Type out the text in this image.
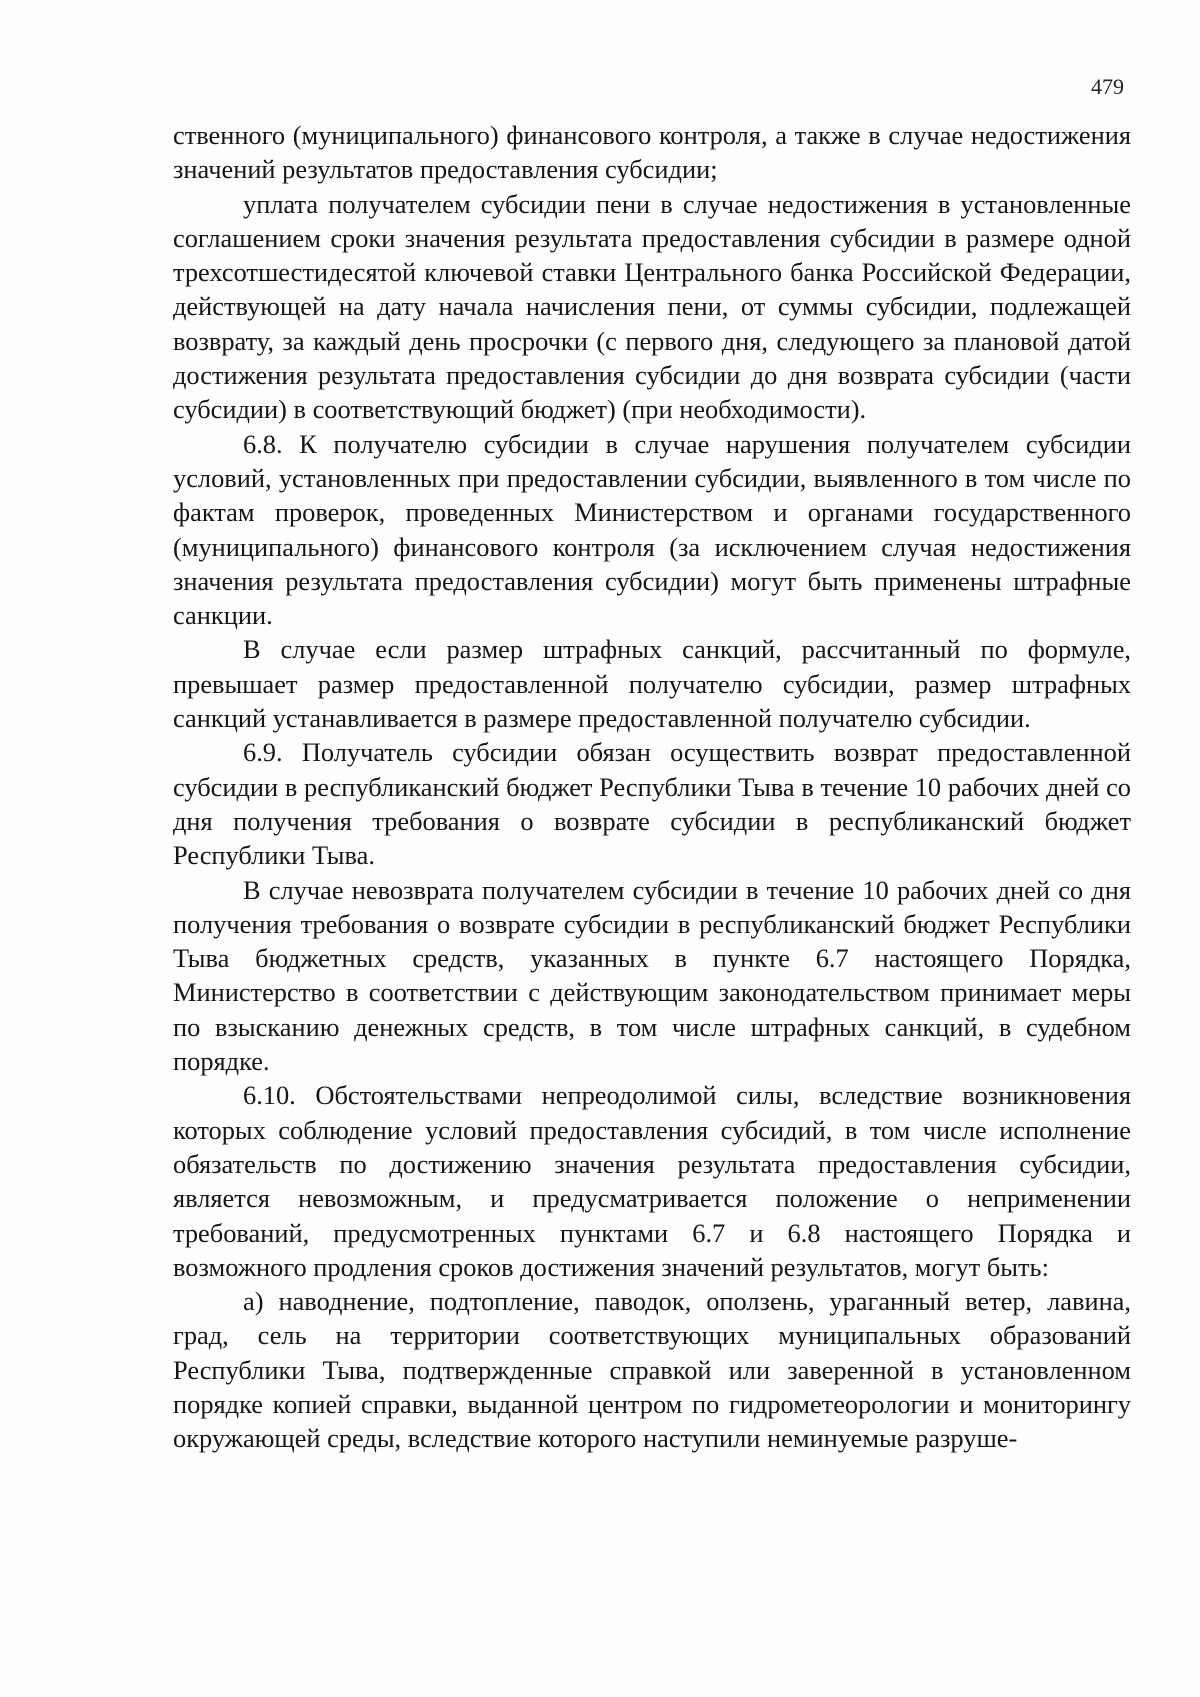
479

ственного (муниципального) финансового контроля, а также в случае недостижения значений результатов предоставления субсидии;

уплата получателем субсидии пени в случае недостижения в установленные соглашением сроки значения результата предоставления субсидии в размере одной трехсотшестидесятой ключевой ставки Центрального банка Российской Федерации, действующей на дату начала начисления пени, от суммы субсидии, подлежащей возврату, за каждый день просрочки (с первого дня, следующего за плановой датой достижения результата предоставления субсидии до дня возврата субсидии (части субсидии) в соответствующий бюджет) (при необходимости).

6.8. К получателю субсидии в случае нарушения получателем субсидии условий, установленных при предоставлении субсидии, выявленного в том числе по фактам проверок, проведенных Министерством и органами государственного (муниципального) финансового контроля (за исключением случая недостижения значения результата предоставления субсидии) могут быть применены штрафные санкции.

В случае если размер штрафных санкций, рассчитанный по формуле, превышает размер предоставленной получателю субсидии, размер штрафных санкций устанавливается в размере предоставленной получателю субсидии.

6.9. Получатель субсидии обязан осуществить возврат предоставленной субсидии в республиканский бюджет Республики Тыва в течение 10 рабочих дней со дня получения требования о возврате субсидии в республиканский бюджет Республики Тыва.

В случае невозврата получателем субсидии в течение 10 рабочих дней со дня получения требования о возврате субсидии в республиканский бюджет Республики Тыва бюджетных средств, указанных в пункте 6.7 настоящего Порядка, Министерство в соответствии с действующим законодательством принимает меры по взысканию денежных средств, в том числе штрафных санкций, в судебном порядке.

6.10. Обстоятельствами непреодолимой силы, вследствие возникновения которых соблюдение условий предоставления субсидий, в том числе исполнение обязательств по достижению значения результата предоставления субсидии, является невозможным, и предусматривается положение о неприменении требований, предусмотренных пунктами 6.7 и 6.8 настоящего Порядка и возможного продления сроков достижения значений результатов, могут быть:

а) наводнение, подтопление, паводок, оползень, ураганный ветер, лавина, град, сель на территории соответствующих муниципальных образований Республики Тыва, подтвержденные справкой или заверенной в установленном порядке копией справки, выданной центром по гидрометеорологии и мониторингу окружающей среды, вследствие которого наступили неминуемые разруше-
